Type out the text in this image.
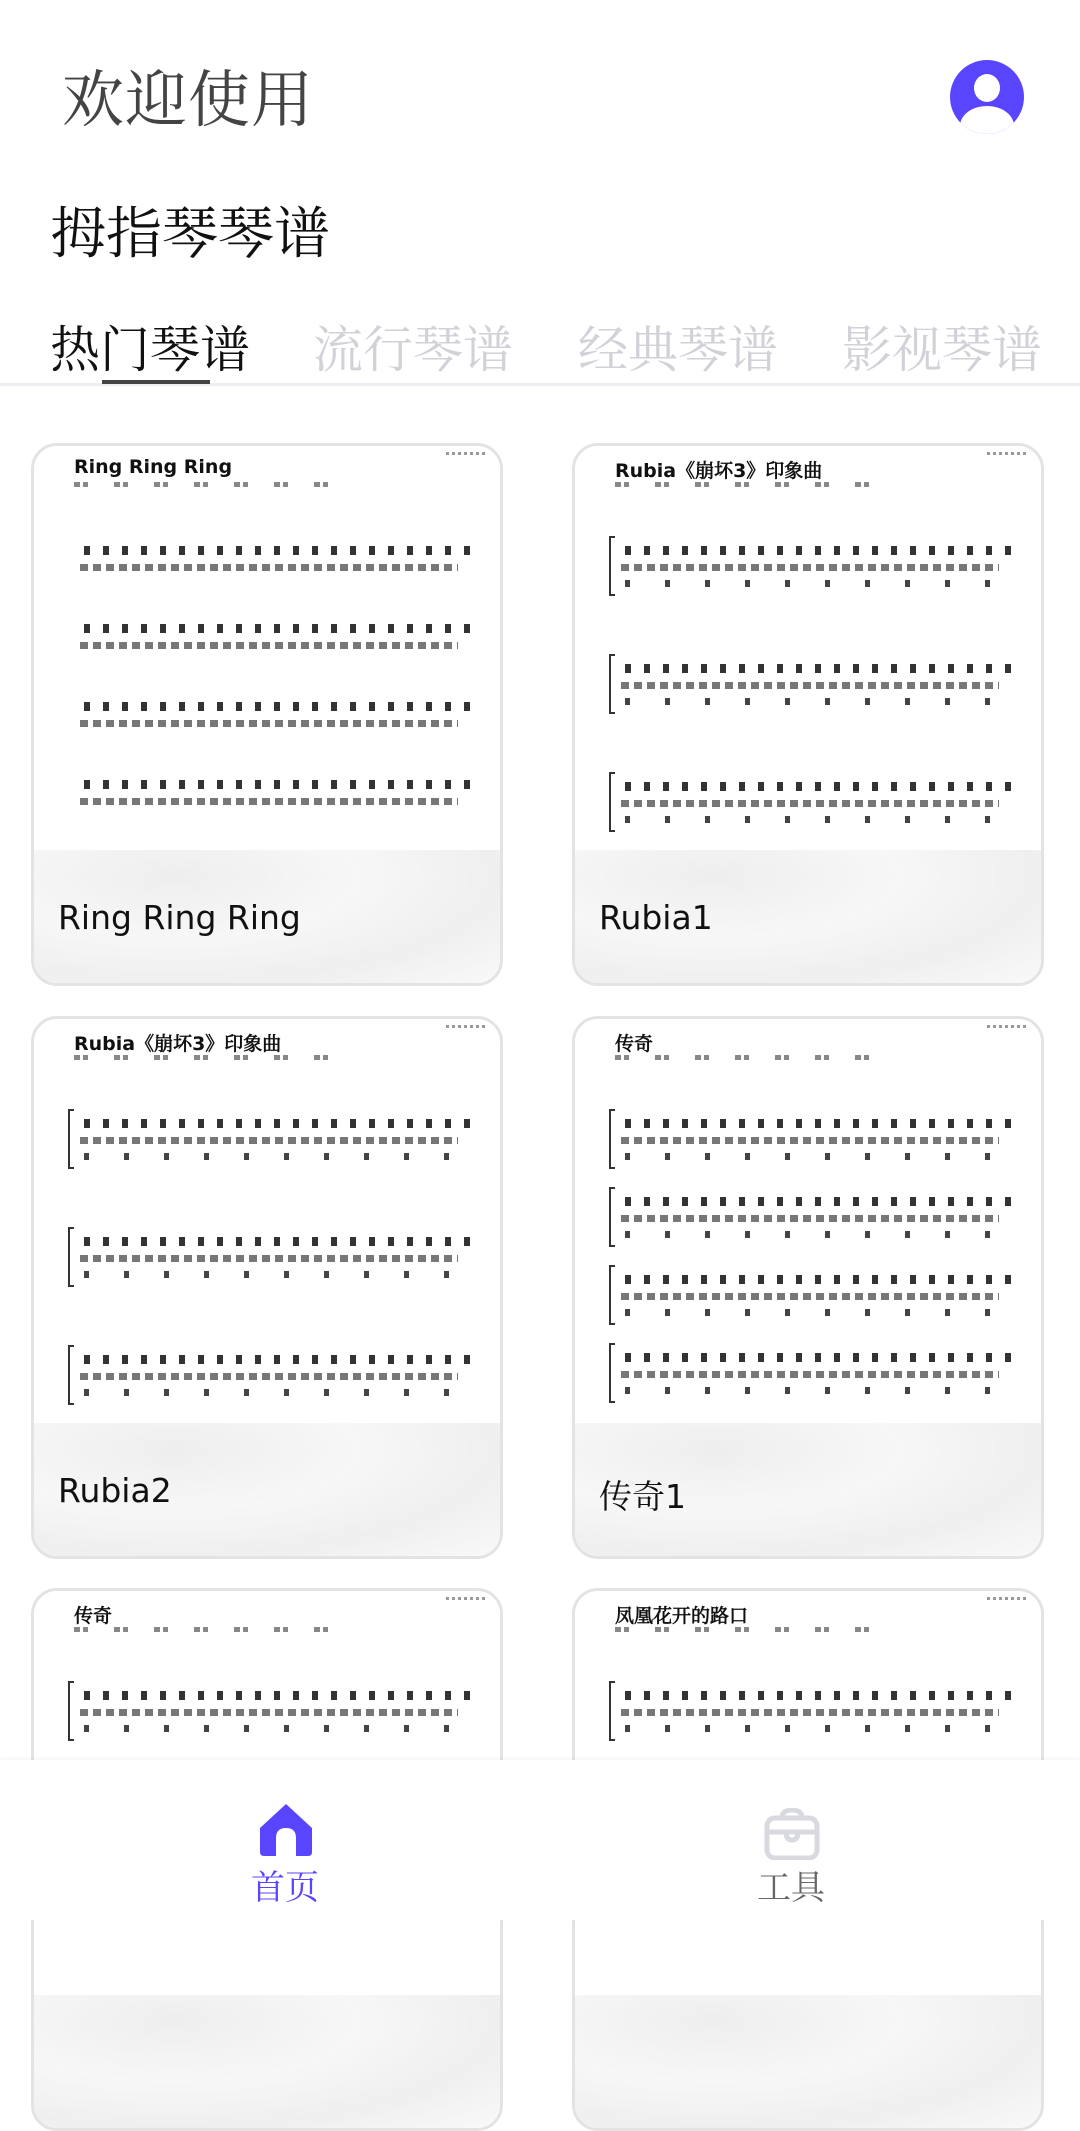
欢迎使用
拇指琴琴谱
热门琴谱 流行琴谱 经典琴谱 影视琴谱
Ring Ring Ring
Ring Ring Ring
Rubia《崩坏3》印象曲
Rubia1
Rubia《崩坏3》印象曲
Rubia2
传奇
传奇1
传奇	凤凰花开的路口
首页	工具
